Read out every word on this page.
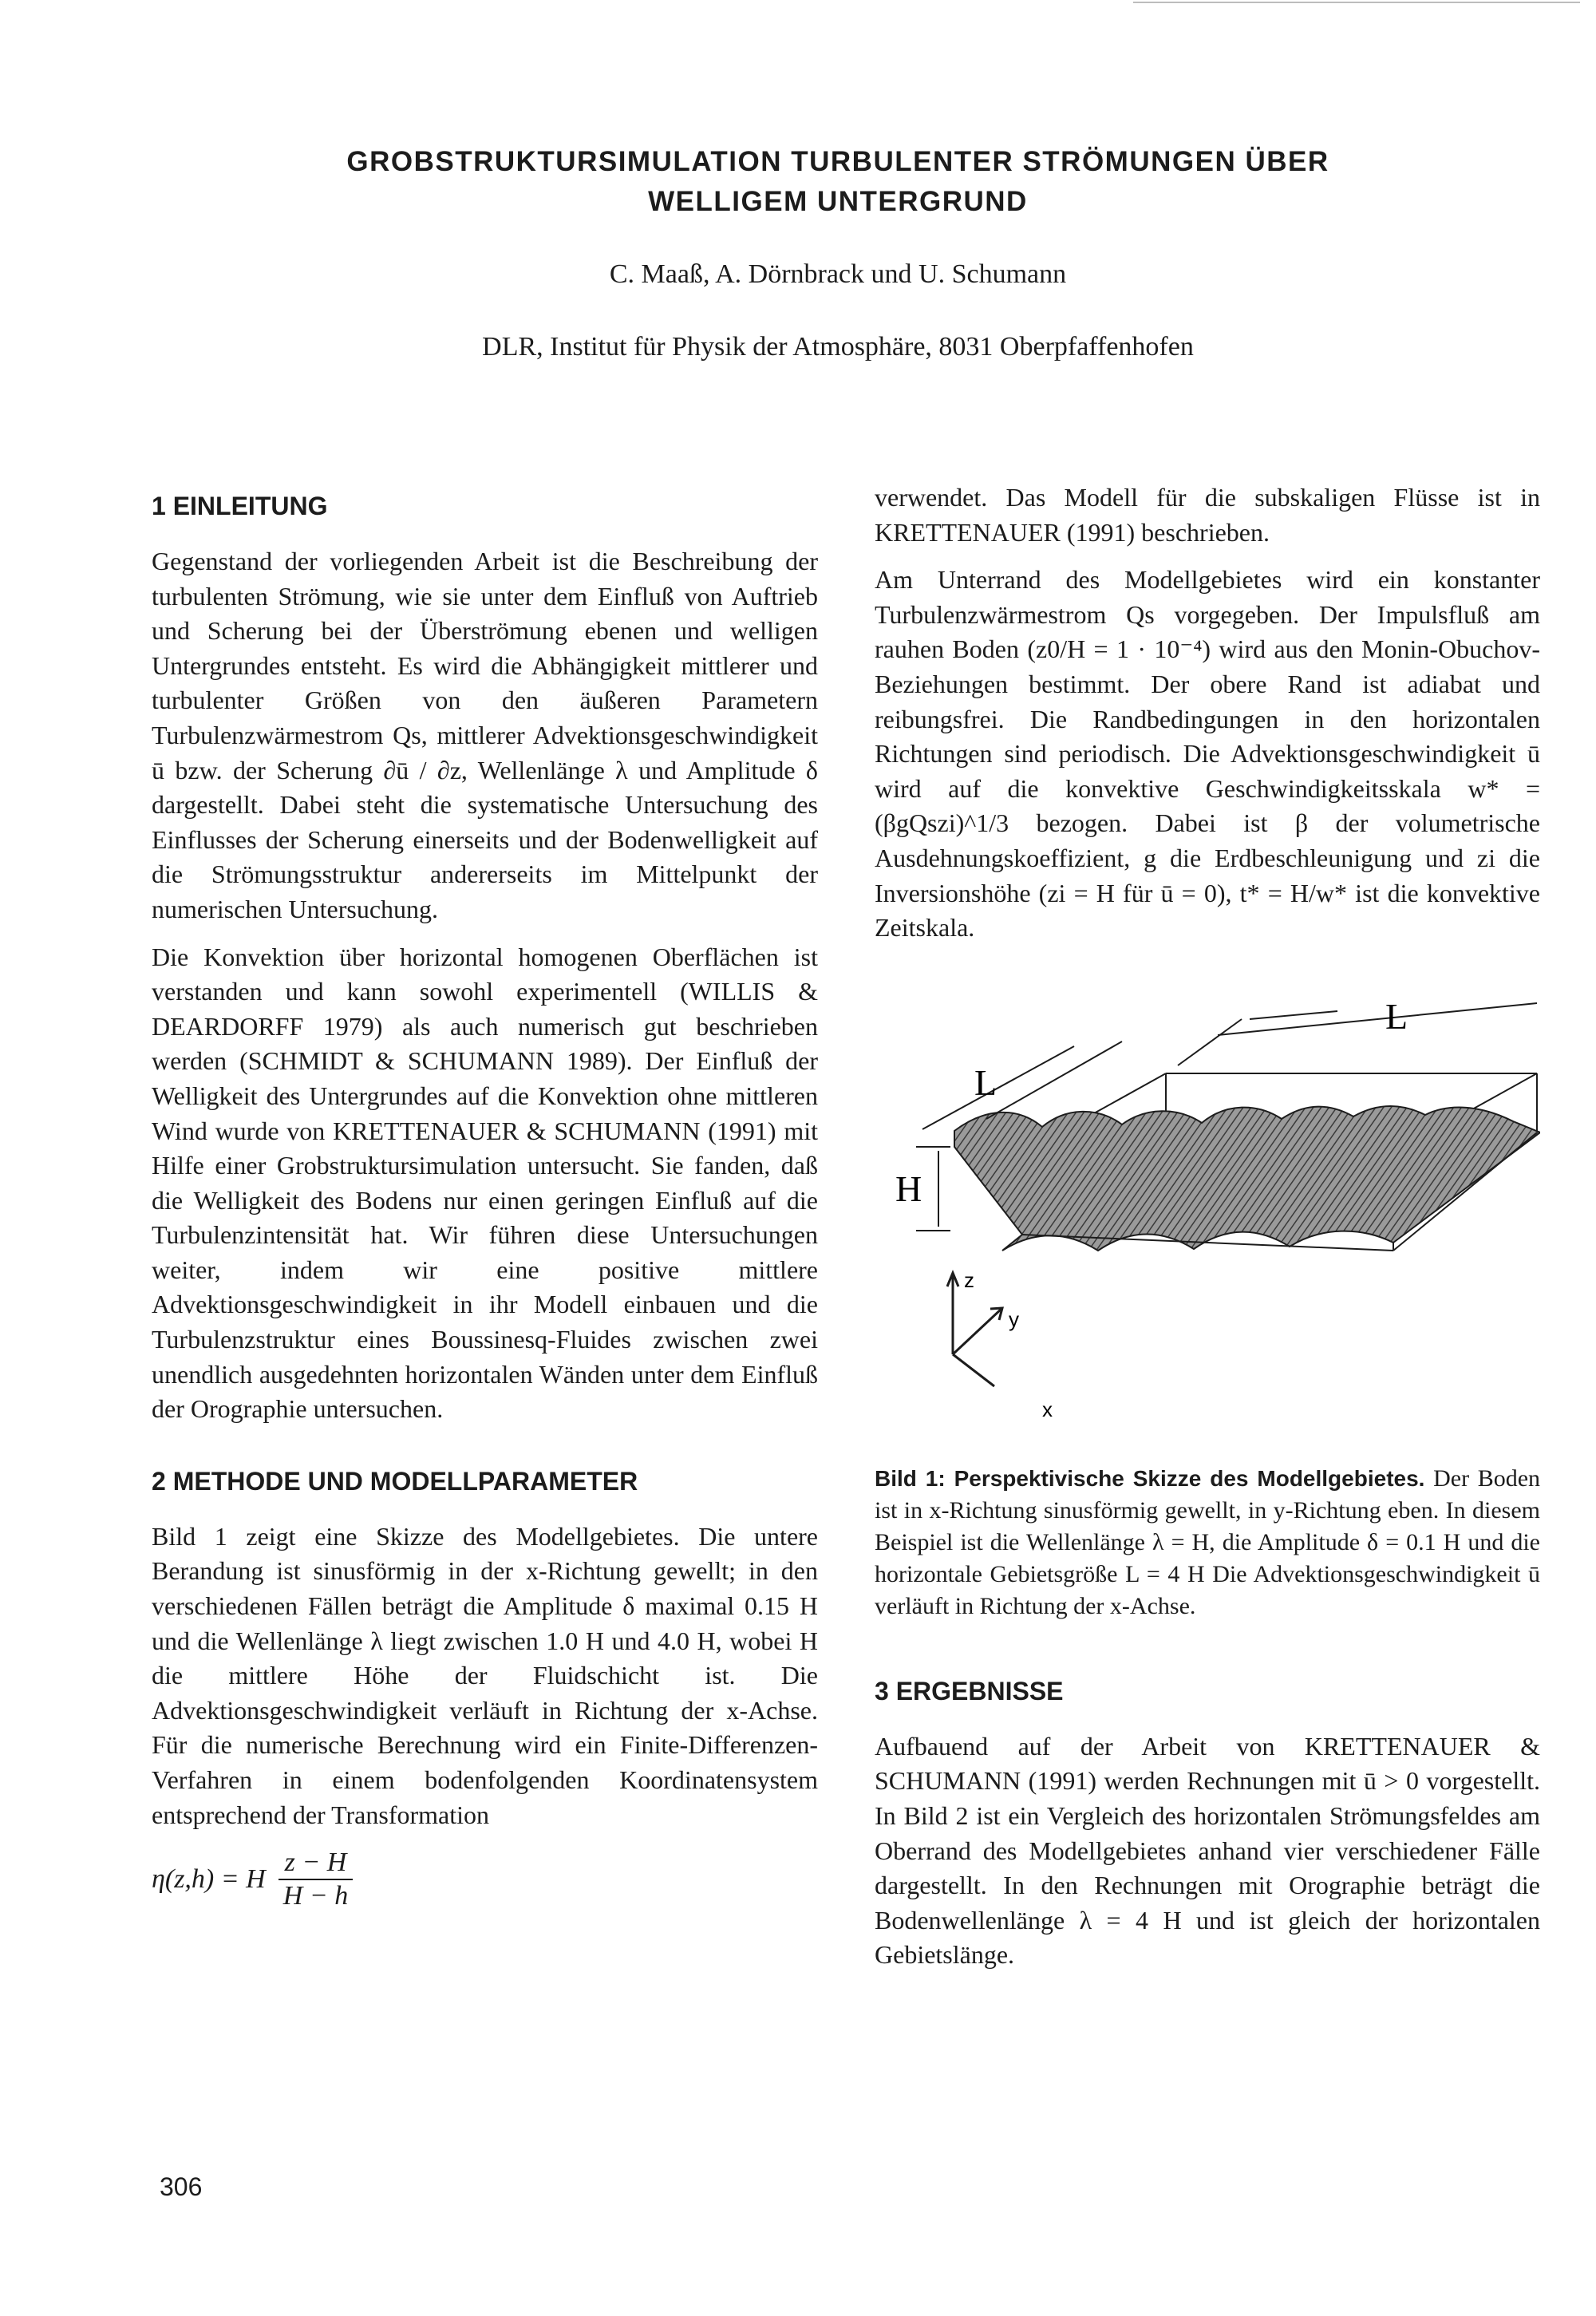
GROBSTRUKTURSIMULATION TURBULENTER STRÖMUNGEN ÜBER
WELLIGEM UNTERGRUND
C. Maaß, A. Dörnbrack und U. Schumann
DLR, Institut für Physik der Atmosphäre, 8031 Oberpfaffenhofen
1 EINLEITUNG

Gegenstand der vorliegenden Arbeit ist die Beschreibung der turbulenten Strömung, wie sie unter dem Einfluß von Auftrieb und Scherung bei der Überströmung ebenen und welligen Untergrundes entsteht. Es wird die Abhängigkeit mittlerer und turbulenter Größen von den äußeren Parametern Turbulenzwärmestrom Qs, mittlerer Advektionsgeschwindigkeit ū bzw. der Scherung ∂ū / ∂z, Wellenlänge λ und Amplitude δ dargestellt. Dabei steht die systematische Untersuchung des Einflusses der Scherung einerseits und der Bodenwelligkeit auf die Strömungsstruktur andererseits im Mittelpunkt der numerischen Untersuchung.

Die Konvektion über horizontal homogenen Oberflächen ist verstanden und kann sowohl experimentell (WILLIS & DEARDORFF 1979) als auch numerisch gut beschrieben werden (SCHMIDT & SCHUMANN 1989). Der Einfluß der Welligkeit des Untergrundes auf die Konvektion ohne mittleren Wind wurde von KRETTENAUER & SCHUMANN (1991) mit Hilfe einer Grobstruktursimulation untersucht. Sie fanden, daß die Welligkeit des Bodens nur einen geringen Einfluß auf die Turbulenzintensität hat. Wir führen diese Untersuchungen weiter, indem wir eine positive mittlere Advektionsgeschwindigkeit in ihr Modell einbauen und die Turbulenzstruktur eines Boussinesq-Fluides zwischen zwei unendlich ausgedehnten horizontalen Wänden unter dem Einfluß der Orographie untersuchen.

2 METHODE UND MODELLPARAMETER

Bild 1 zeigt eine Skizze des Modellgebietes. Die untere Berandung ist sinusförmig in der x-Richtung gewellt; in den verschiedenen Fällen beträgt die Amplitude δ maximal 0.15 H und die Wellenlänge λ liegt zwischen 1.0 H und 4.0 H, wobei H die mittlere Höhe der Fluidschicht ist. Die Advektionsgeschwindigkeit verläuft in Richtung der x-Achse. Für die numerische Berechnung wird ein Finite-Differenzen-Verfahren in einem bodenfolgenden Koordinatensystem entsprechend der Transformation

η(z,h) = H $\frac{z - H}{H - h}$

verwendet. Das Modell für die subskaligen Flüsse ist in KRETTENAUER (1991) beschrieben.

Am Unterrand des Modellgebietes wird ein konstanter Turbulenzwärmestrom Qs vorgegeben. Der Impulsfluß am rauhen Boden (z0/H = 1 · 10⁻⁴) wird aus den Monin-Obuchov-Beziehungen bestimmt. Der obere Rand ist adiabat und reibungsfrei. Die Randbedingungen in den horizontalen Richtungen sind periodisch. Die Advektionsgeschwindigkeit ū wird auf die konvektive Geschwindigkeitsskala w* = (βgQszi)^1/3 bezogen. Dabei ist β der volumetrische Ausdehnungskoeffizient, g die Erdbeschleunigung und zi die Inversionshöhe (zi = H für ū = 0), t* = H/w* ist die konvektive Zeitskala.

L
L
H
z
y
x
Bild 1: Perspektivische Skizze des Modellgebietes. Der Boden ist in x-Richtung sinusförmig gewellt, in y-Richtung eben. In diesem Beispiel ist die Wellenlänge λ = H, die Amplitude δ = 0.1 H und die horizontale Gebietsgröße L = 4 H Die Advektionsgeschwindigkeit ū verläuft in Richtung der x-Achse.
3 ERGEBNISSE

Aufbauend auf der Arbeit von KRETTENAUER & SCHUMANN (1991) werden Rechnungen mit ū > 0 vorgestellt. In Bild 2 ist ein Vergleich des horizontalen Strömungsfeldes am Oberrand des Modellgebietes anhand vier verschiedener Fälle dargestellt. In den Rechnungen mit Orographie beträgt die Bodenwellenlänge λ = 4 H und ist gleich der horizontalen Gebietslänge.

306
